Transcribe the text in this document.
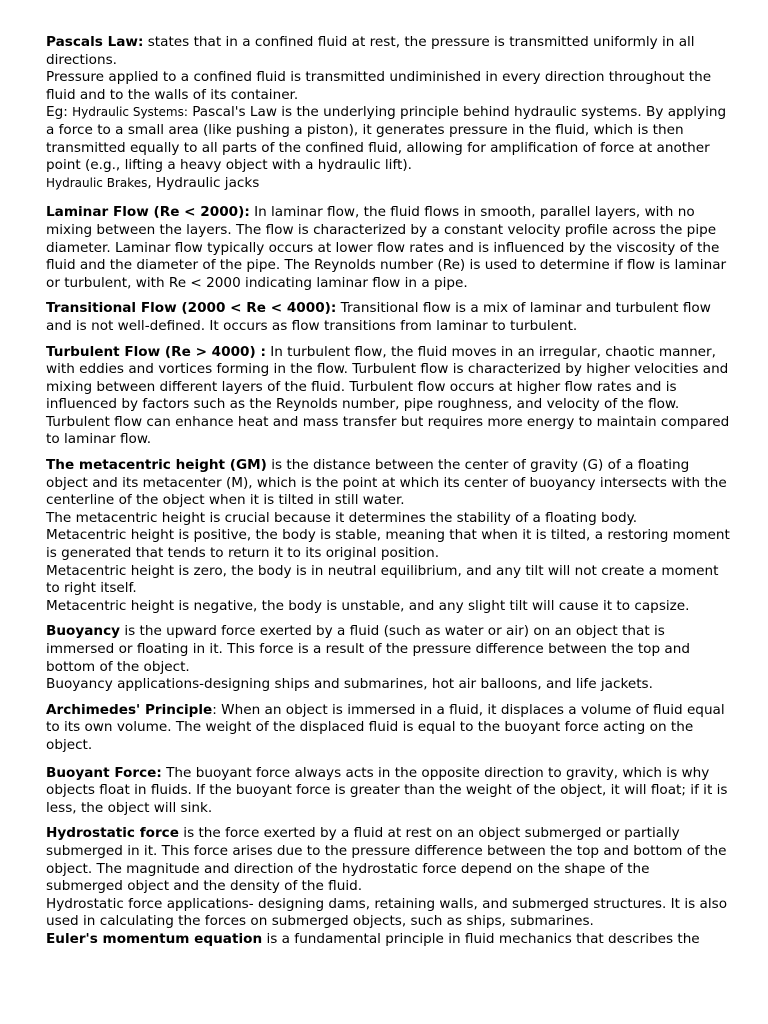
Pascals Law: states that in a confined fluid at rest, the pressure is transmitted uniformly in all directions.

Pressure applied to a confined fluid is transmitted undiminished in every direction throughout the fluid and to the walls of its container.

Eg: Hydraulic Systems: Pascal's Law is the underlying principle behind hydraulic systems. By applying a force to a small area (like pushing a piston), it generates pressure in the fluid, which is then transmitted equally to all parts of the confined fluid, allowing for amplification of force at another point (e.g., lifting a heavy object with a hydraulic lift).

Hydraulic Brakes, Hydraulic jacks

Laminar Flow (Re < 2000): In laminar flow, the fluid flows in smooth, parallel layers, with no mixing between the layers. The flow is characterized by a constant velocity profile across the pipe diameter. Laminar flow typically occurs at lower flow rates and is influenced by the viscosity of the fluid and the diameter of the pipe. The Reynolds number (Re) is used to determine if flow is laminar or turbulent, with Re < 2000 indicating laminar flow in a pipe.

Transitional Flow (2000 < Re < 4000): Transitional flow is a mix of laminar and turbulent flow and is not well-defined. It occurs as flow transitions from laminar to turbulent.

Turbulent Flow (Re > 4000) : In turbulent flow, the fluid moves in an irregular, chaotic manner, with eddies and vortices forming in the flow. Turbulent flow is characterized by higher velocities and mixing between different layers of the fluid. Turbulent flow occurs at higher flow rates and is influenced by factors such as the Reynolds number, pipe roughness, and velocity of the flow. Turbulent flow can enhance heat and mass transfer but requires more energy to maintain compared to laminar flow.

The metacentric height (GM) is the distance between the center of gravity (G) of a floating object and its metacenter (M), which is the point at which its center of buoyancy intersects with the centerline of the object when it is tilted in still water.

The metacentric height is crucial because it determines the stability of a floating body.

Metacentric height is positive, the body is stable, meaning that when it is tilted, a restoring moment is generated that tends to return it to its original position.

Metacentric height is zero, the body is in neutral equilibrium, and any tilt will not create a moment to right itself.

Metacentric height is negative, the body is unstable, and any slight tilt will cause it to capsize.

Buoyancy is the upward force exerted by a fluid (such as water or air) on an object that is immersed or floating in it. This force is a result of the pressure difference between the top and bottom of the object.

Buoyancy applications-designing ships and submarines, hot air balloons, and life jackets.

Archimedes' Principle: When an object is immersed in a fluid, it displaces a volume of fluid equal to its own volume. The weight of the displaced fluid is equal to the buoyant force acting on the object.

Buoyant Force: The buoyant force always acts in the opposite direction to gravity, which is why objects float in fluids. If the buoyant force is greater than the weight of the object, it will float; if it is less, the object will sink.

Hydrostatic force is the force exerted by a fluid at rest on an object submerged or partially submerged in it. This force arises due to the pressure difference between the top and bottom of the object. The magnitude and direction of the hydrostatic force depend on the shape of the submerged object and the density of the fluid.

Hydrostatic force applications- designing dams, retaining walls, and submerged structures. It is also used in calculating the forces on submerged objects, such as ships, submarines.

Euler's momentum equation is a fundamental principle in fluid mechanics that describes the
